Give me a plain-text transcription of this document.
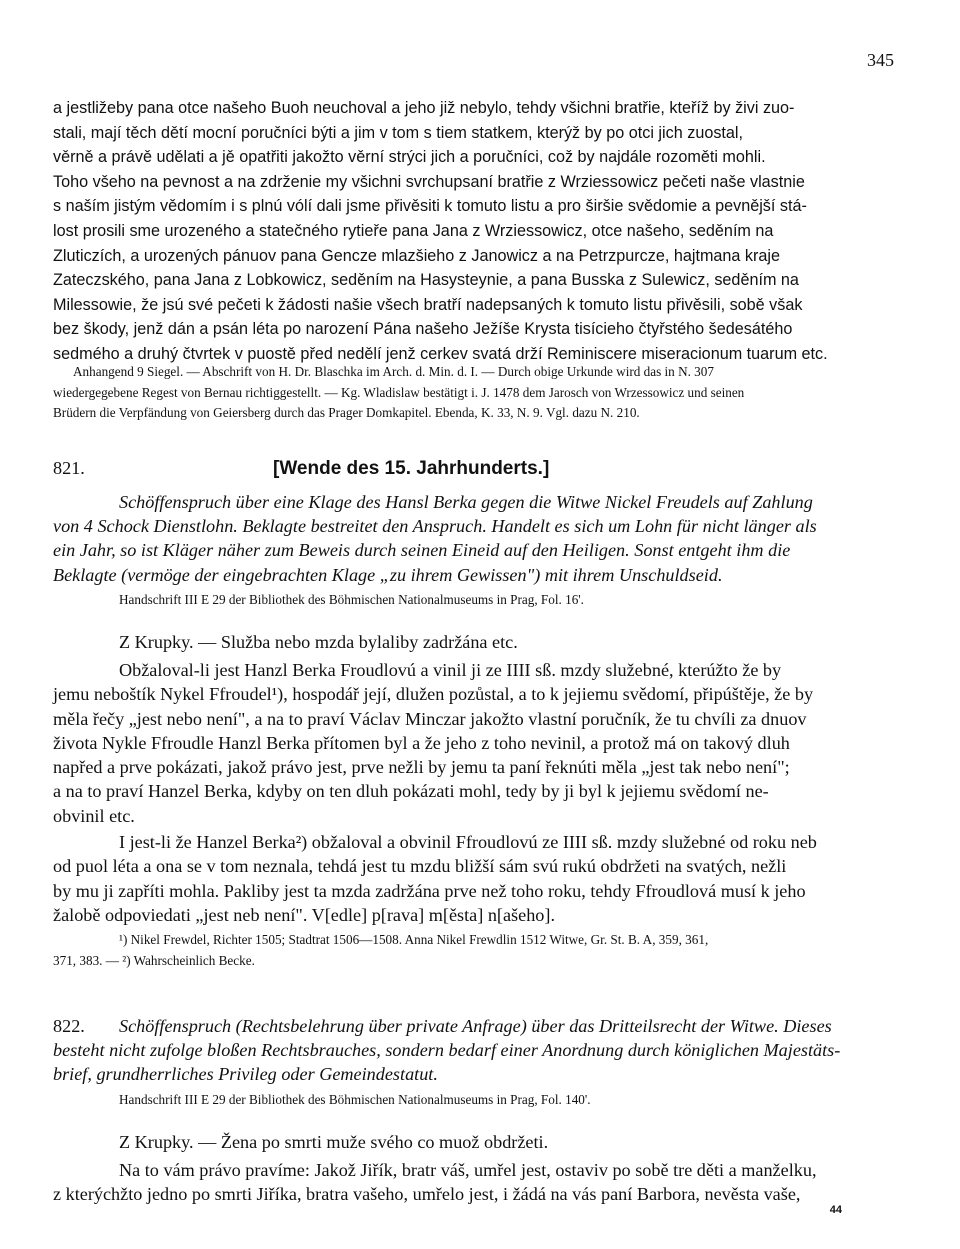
345
a jestližeby pana otce našeho Buoh neuchoval a jeho již nebylo, tehdy všichni bratřie, kteříž by živi zuo-
stali, mají těch dětí mocní poručníci býti a jim v tom s tiem statkem, kterýž by po otci jich zuostal,
věrně a právě udělati a jě opatřiti jakožto věrní strýci jich a poručníci, což by najdále rozoměti mohli.
Toho všeho na pevnost a na zdrženie my všichni svrchupsaní bratřie z Wrziessowicz pečeti naše vlastnie
s naším jistým vědomím i s plnú vólí dali jsme přivěsiti k tomuto listu a pro širšie svědomie a pevnější stá-
lost prosili sme urozeného a statečného rytieře pana Jana z Wrziessowicz, otce našeho, seděním na
Zluticzích, a urozených pánuov pana Gencze mlazšieho z Janowicz a na Petrzpurcze, hajtmana kraje
Zateczského, pana Jana z Lobkowicz, seděním na Hasysteynie, a pana Busska z Sulewicz, seděním na
Milessowie, že jsú své pečeti k žádosti našie všech bratří nadepsaných k tomuto listu přivěsili, sobě však
bez škody, jenž dán a psán léta po narození Pána našeho Ježíše Krysta tisícieho čtyřstého šedesátého
sedmého a druhý čtvrtek v puostě před nedělí jenž cerkev svatá drží Reminiscere miseracionum tuarum etc.
Anhangend 9 Siegel. — Abschrift von H. Dr. Blaschka im Arch. d. Min. d. I. — Durch obige Urkunde wird das in N. 307
wiedergegebene Regest von Bernau richtiggestellt. — Kg. Wladislaw bestätigt i. J. 1478 dem Jarosch von Wrzessowicz und seinen
Brüdern die Verpfändung von Geiersberg durch das Prager Domkapitel. Ebenda, K. 33, N. 9. Vgl. dazu N. 210.
821.	[Wende des 15. Jahrhunderts.]
Schöffenspruch über eine Klage des Hansl Berka gegen die Witwe Nickel Freudels auf Zahlung
von 4 Schock Dienstlohn. Beklagte bestreitet den Anspruch. Handelt es sich um Lohn für nicht länger als
ein Jahr, so ist Kläger näher zum Beweis durch seinen Eineid auf den Heiligen. Sonst entgeht ihm die
Beklagte (vermöge der eingebrachten Klage „zu ihrem Gewissen") mit ihrem Unschuldseid.
Handschrift III E 29 der Bibliothek des Böhmischen Nationalmuseums in Prag, Fol. 16'.
Z Krupky. — Služba nebo mzda bylaliby zadržána etc.
Obžaloval-li jest Hanzl Berka Froudlovú a vinil ji ze IIII sß. mzdy služebné, kterúžto že by
jemu neboštík Nykel Ffroudel¹), hospodář její, dlužen pozůstal, a to k jejiemu svědomí, připúštěje, že by
měla řečy „jest nebo není", a na to praví Václav Minczar jakožto vlastní poručník, že tu chvíli za dnuov
života Nykle Ffroudle Hanzl Berka přítomen byl a že jeho z toho nevinil, a protož má on takový dluh
napřed a prve pokázati, jakož právo jest, prve nežli by jemu ta paní řeknúti měla „jest tak nebo není";
a na to praví Hanzel Berka, kdyby on ten dluh pokázati mohl, tedy by ji byl k jejiemu svědomí ne-
obvinil etc.
I jest-li že Hanzel Berka²) obžaloval a obvinil Ffroudlovú ze IIII sß. mzdy služebné od roku neb
od puol léta a ona se v tom neznala, tehdá jest tu mzdu bližší sám svú rukú obdržeti na svatých, nežli
by mu ji zapříti mohla. Pakliby jest ta mzda zadržána prve než toho roku, tehdy Ffroudlová musí k jeho
žalobě odpoviedati „jest neb není". V[edle] p[rava] m[ěsta] n[ašeho].
¹) Nikel Frewdel, Richter 1505; Stadtrat 1506—1508. Anna Nikel Frewdlin 1512 Witwe, Gr. St. B. A, 359, 361,
371, 383. — ²) Wahrscheinlich Becke.
822.	Schöffenspruch (Rechtsbelehrung über private Anfrage) über das Dritteilsrecht der Witwe. Dieses
besteht nicht zufolge bloßen Rechtsbrauches, sondern bedarf einer Anordnung durch königlichen Majestäts-
brief, grundherrliches Privileg oder Gemeindestatut.
Handschrift III E 29 der Bibliothek des Böhmischen Nationalmuseums in Prag, Fol. 140'.
Z Krupky. — Žena po smrti muže svého co muož obdržeti.
Na to vám právo pravíme: Jakož Jiřík, bratr váš, umřel jest, ostaviv po sobě tre děti a manželku,
z kterýchžto jedno po smrti Jiříka, bratra vašeho, umřelo jest, i žádá na vás paní Barbora, nevěsta vaše,
44
